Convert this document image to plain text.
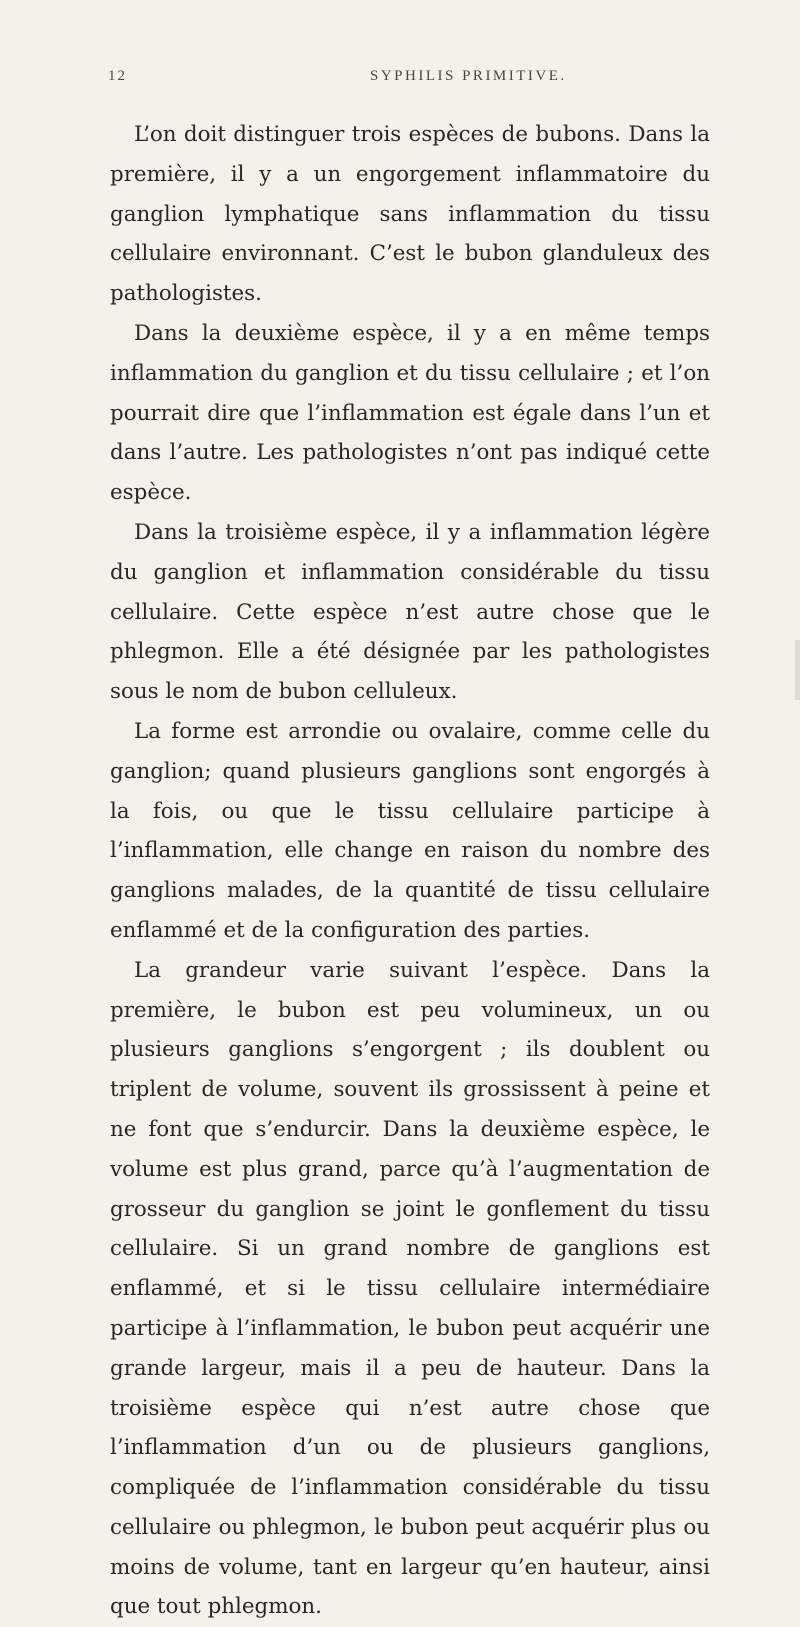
12	SYPHILIS PRIMITIVE.

L’on doit distinguer trois espèces de bubons. Dans la première, il y a un engorgement inflammatoire du ganglion lymphatique sans inflammation du tissu cellulaire environnant. C’est le bubon glanduleux des pathologistes.

Dans la deuxième espèce, il y a en même temps inflammation du ganglion et du tissu cellulaire ; et l’on pourrait dire que l’inflammation est égale dans l’un et dans l’autre. Les pathologistes n’ont pas indiqué cette espèce.

Dans la troisième espèce, il y a inflammation légère du ganglion et inflammation considérable du tissu cellulaire. Cette espèce n’est autre chose que le phlegmon. Elle a été désignée par les pathologistes sous le nom de bubon celluleux.

La forme est arrondie ou ovalaire, comme celle du ganglion; quand plusieurs ganglions sont engorgés à la fois, ou que le tissu cellulaire participe à l’inflammation, elle change en raison du nombre des ganglions malades, de la quantité de tissu cellulaire enflammé et de la configuration des parties.

La grandeur varie suivant l’espèce. Dans la première, le bubon est peu volumineux, un ou plusieurs ganglions s’engorgent ; ils doublent ou triplent de volume, souvent ils grossissent à peine et ne font que s’endurcir. Dans la deuxième espèce, le volume est plus grand, parce qu’à l’augmentation de grosseur du ganglion se joint le gonflement du tissu cellulaire. Si un grand nombre de ganglions est enflammé, et si le tissu cellulaire intermédiaire participe à l’inflammation, le bubon peut acquérir une grande largeur, mais il a peu de hauteur. Dans la troisième espèce qui n’est autre chose que l’inflammation d’un ou de plusieurs ganglions, compliquée de l’inflammation considérable du tissu cellulaire ou phlegmon, le bubon peut acquérir plus ou moins de volume, tant en largeur qu’en hauteur, ainsi que tout phlegmon.
